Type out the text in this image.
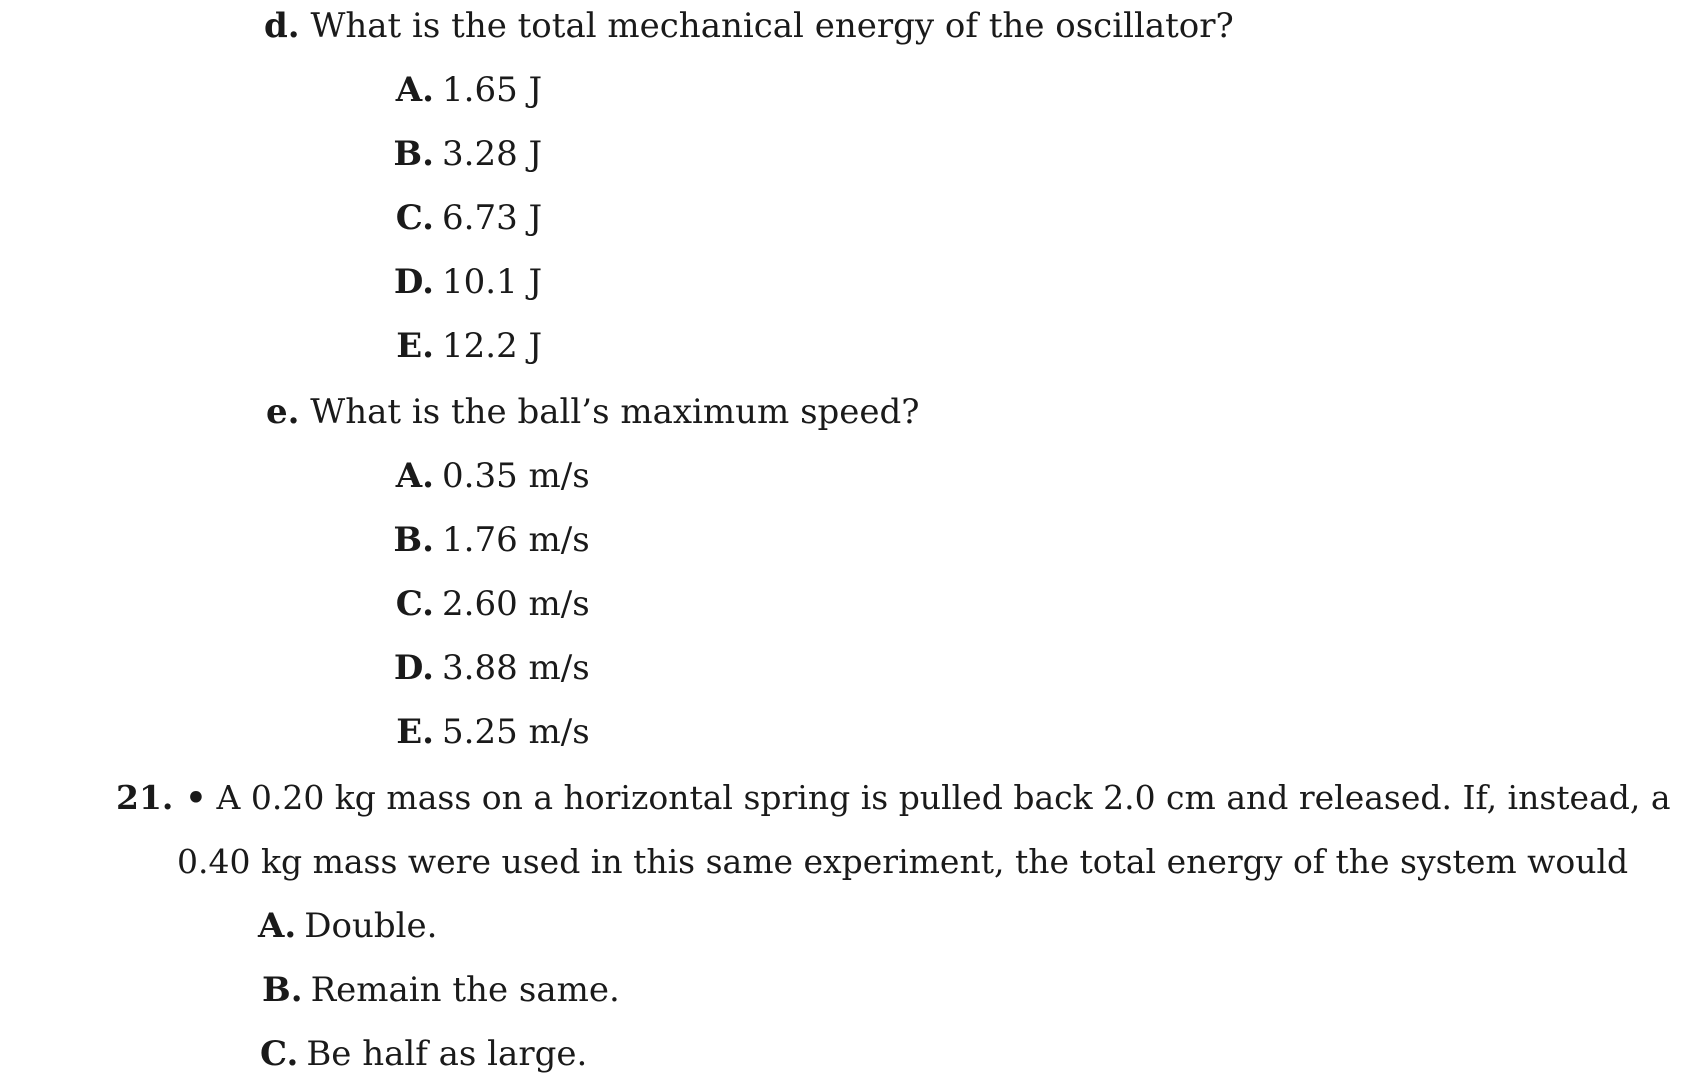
d. What is the total mechanical energy of the oscillator?
A. 1.65 J
B. 3.28 J
C. 6.73 J
D. 10.1 J
E. 12.2 J
e. What is the ball’s maximum speed?
A. 0.35 m/s
B. 1.76 m/s
C. 2.60 m/s
D. 3.88 m/s
E. 5.25 m/s
21. • A 0.20 kg mass on a horizontal spring is pulled back 2.0 cm and released. If, instead, a
0.40 kg mass were used in this same experiment, the total energy of the system would
A. Double.
B. Remain the same.
C. Be half as large.
